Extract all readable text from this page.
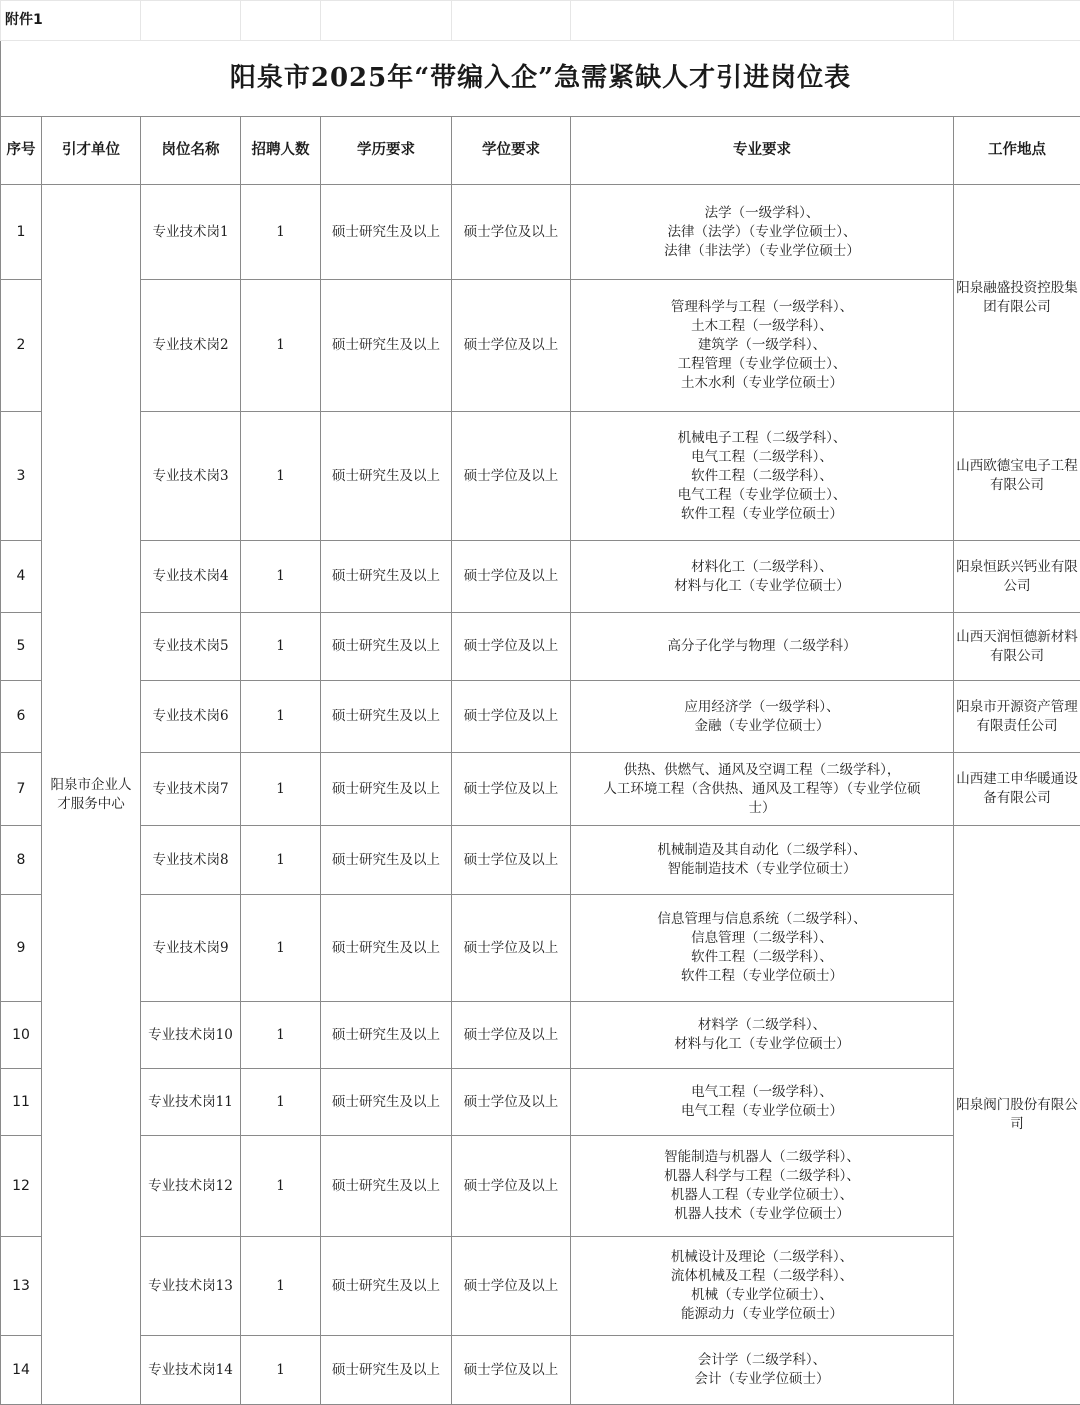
附件1							
阳泉市2025年“带编入企”急需紧缺人才引进岗位表							
序号	引才单位	岗位名称	招聘人数	学历要求	学位要求	专业要求	工作地点
1	阳泉市企业人才服务中心	专业技术岗1	1	硕士研究生及以上	硕士学位及以上	法学（一级学科）、
法律（法学）（专业学位硕士）、
法律（非法学）（专业学位硕士）	阳泉融盛投资控股集团有限公司
2		专业技术岗2	1	硕士研究生及以上	硕士学位及以上	管理科学与工程（一级学科）、
土木工程（一级学科）、
建筑学（一级学科）、
工程管理（专业学位硕士）、
土木水利（专业学位硕士）	

3		专业技术岗3	1	硕士研究生及以上	硕士学位及以上	机械电子工程（二级学科）、
电气工程（二级学科）、
软件工程（二级学科）、
电气工程（专业学位硕士）、
软件工程（专业学位硕士）	山西欧德宝电子工程有限公司
4		专业技术岗4	1	硕士研究生及以上	硕士学位及以上	材料化工（二级学科）、
材料与化工（专业学位硕士）	阳泉恒跃兴钙业有限公司
5		专业技术岗5	1	硕士研究生及以上	硕士学位及以上	高分子化学与物理（二级学科）	山西天润恒德新材料有限公司
6		专业技术岗6	1	硕士研究生及以上	硕士学位及以上	应用经济学（一级学科）、
金融（专业学位硕士）	阳泉市开源资产管理有限责任公司
7		专业技术岗7	1	硕士研究生及以上	硕士学位及以上	供热、供燃气、通风及空调工程（二级学科），
人工环境工程（含供热、通风及工程等）（专业学位硕
士）	山西建工申华暖通设备有限公司
8		专业技术岗8	1	硕士研究生及以上	硕士学位及以上	机械制造及其自动化（二级学科）、
智能制造技术（专业学位硕士）	阳泉阀门股份有限公司
9		专业技术岗9	1	硕士研究生及以上	硕士学位及以上	信息管理与信息系统（二级学科）、
信息管理（二级学科）、
软件工程（二级学科）、
软件工程（专业学位硕士）	

10		专业技术岗10	1	硕士研究生及以上	硕士学位及以上	材料学（二级学科）、
材料与化工（专业学位硕士）	

11		专业技术岗11	1	硕士研究生及以上	硕士学位及以上	电气工程（一级学科）、
电气工程（专业学位硕士）	

12		专业技术岗12	1	硕士研究生及以上	硕士学位及以上	智能制造与机器人（二级学科）、
机器人科学与工程（二级学科）、
机器人工程（专业学位硕士）、
机器人技术（专业学位硕士）	

13		专业技术岗13	1	硕士研究生及以上	硕士学位及以上	机械设计及理论（二级学科）、
流体机械及工程（二级学科）、
机械（专业学位硕士）、
能源动力（专业学位硕士）	

14		专业技术岗14	1	硕士研究生及以上	硕士学位及以上	会计学（二级学科）、
会计（专业学位硕士）	
